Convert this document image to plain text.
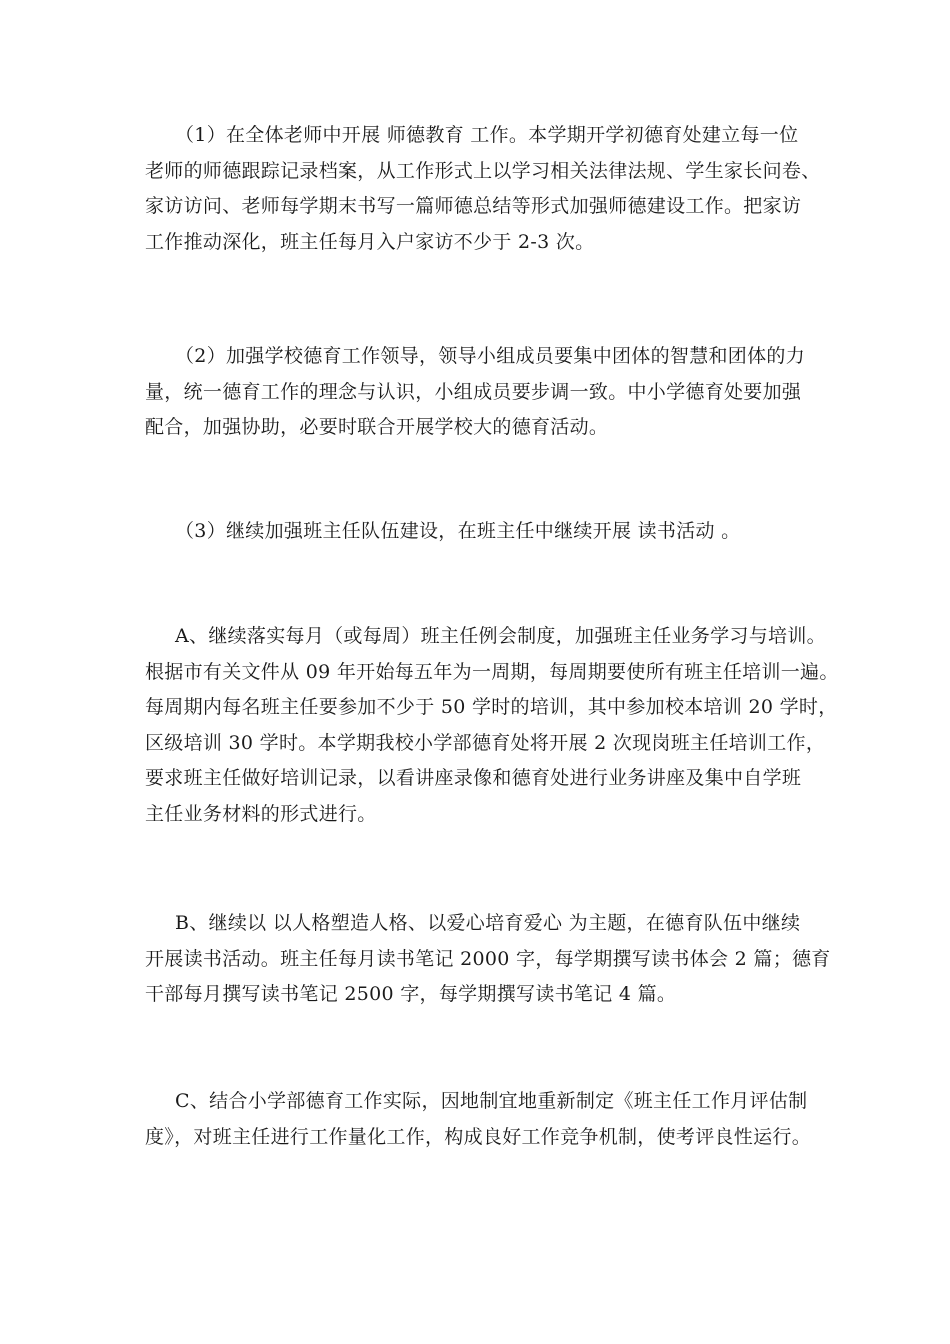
（1）在全体老师中开展 师德教育 工作。本学期开学初德育处建立每一位
老师的师德跟踪记录档案，从工作形式上以学习相关法律法规、学生家长问卷、
家访访问、老师每学期末书写一篇师德总结等形式加强师德建设工作。把家访
工作推动深化，班主任每月入户家访不少于 2-3 次。

（2）加强学校德育工作领导，领导小组成员要集中团体的智慧和团体的力
量，统一德育工作的理念与认识，小组成员要步调一致。中小学德育处要加强
配合，加强协助，必要时联合开展学校大的德育活动。

（3）继续加强班主任队伍建设，在班主任中继续开展 读书活动 。

A、继续落实每月（或每周）班主任例会制度，加强班主任业务学习与培训。
根据市有关文件从 09 年开始每五年为一周期，每周期要使所有班主任培训一遍。
每周期内每名班主任要参加不少于 50 学时的培训，其中参加校本培训 20 学时，
区级培训 30 学时。本学期我校小学部德育处将开展 2 次现岗班主任培训工作，
要求班主任做好培训记录，以看讲座录像和德育处进行业务讲座及集中自学班
主任业务材料的形式进行。

B、继续以 以人格塑造人格、以爱心培育爱心 为主题，在德育队伍中继续
开展读书活动。班主任每月读书笔记 2000 字，每学期撰写读书体会 2 篇；德育
干部每月撰写读书笔记 2500 字，每学期撰写读书笔记 4 篇。

C、结合小学部德育工作实际，因地制宜地重新制定《班主任工作月评估制
度》，对班主任进行工作量化工作，构成良好工作竞争机制，使考评良性运行。
